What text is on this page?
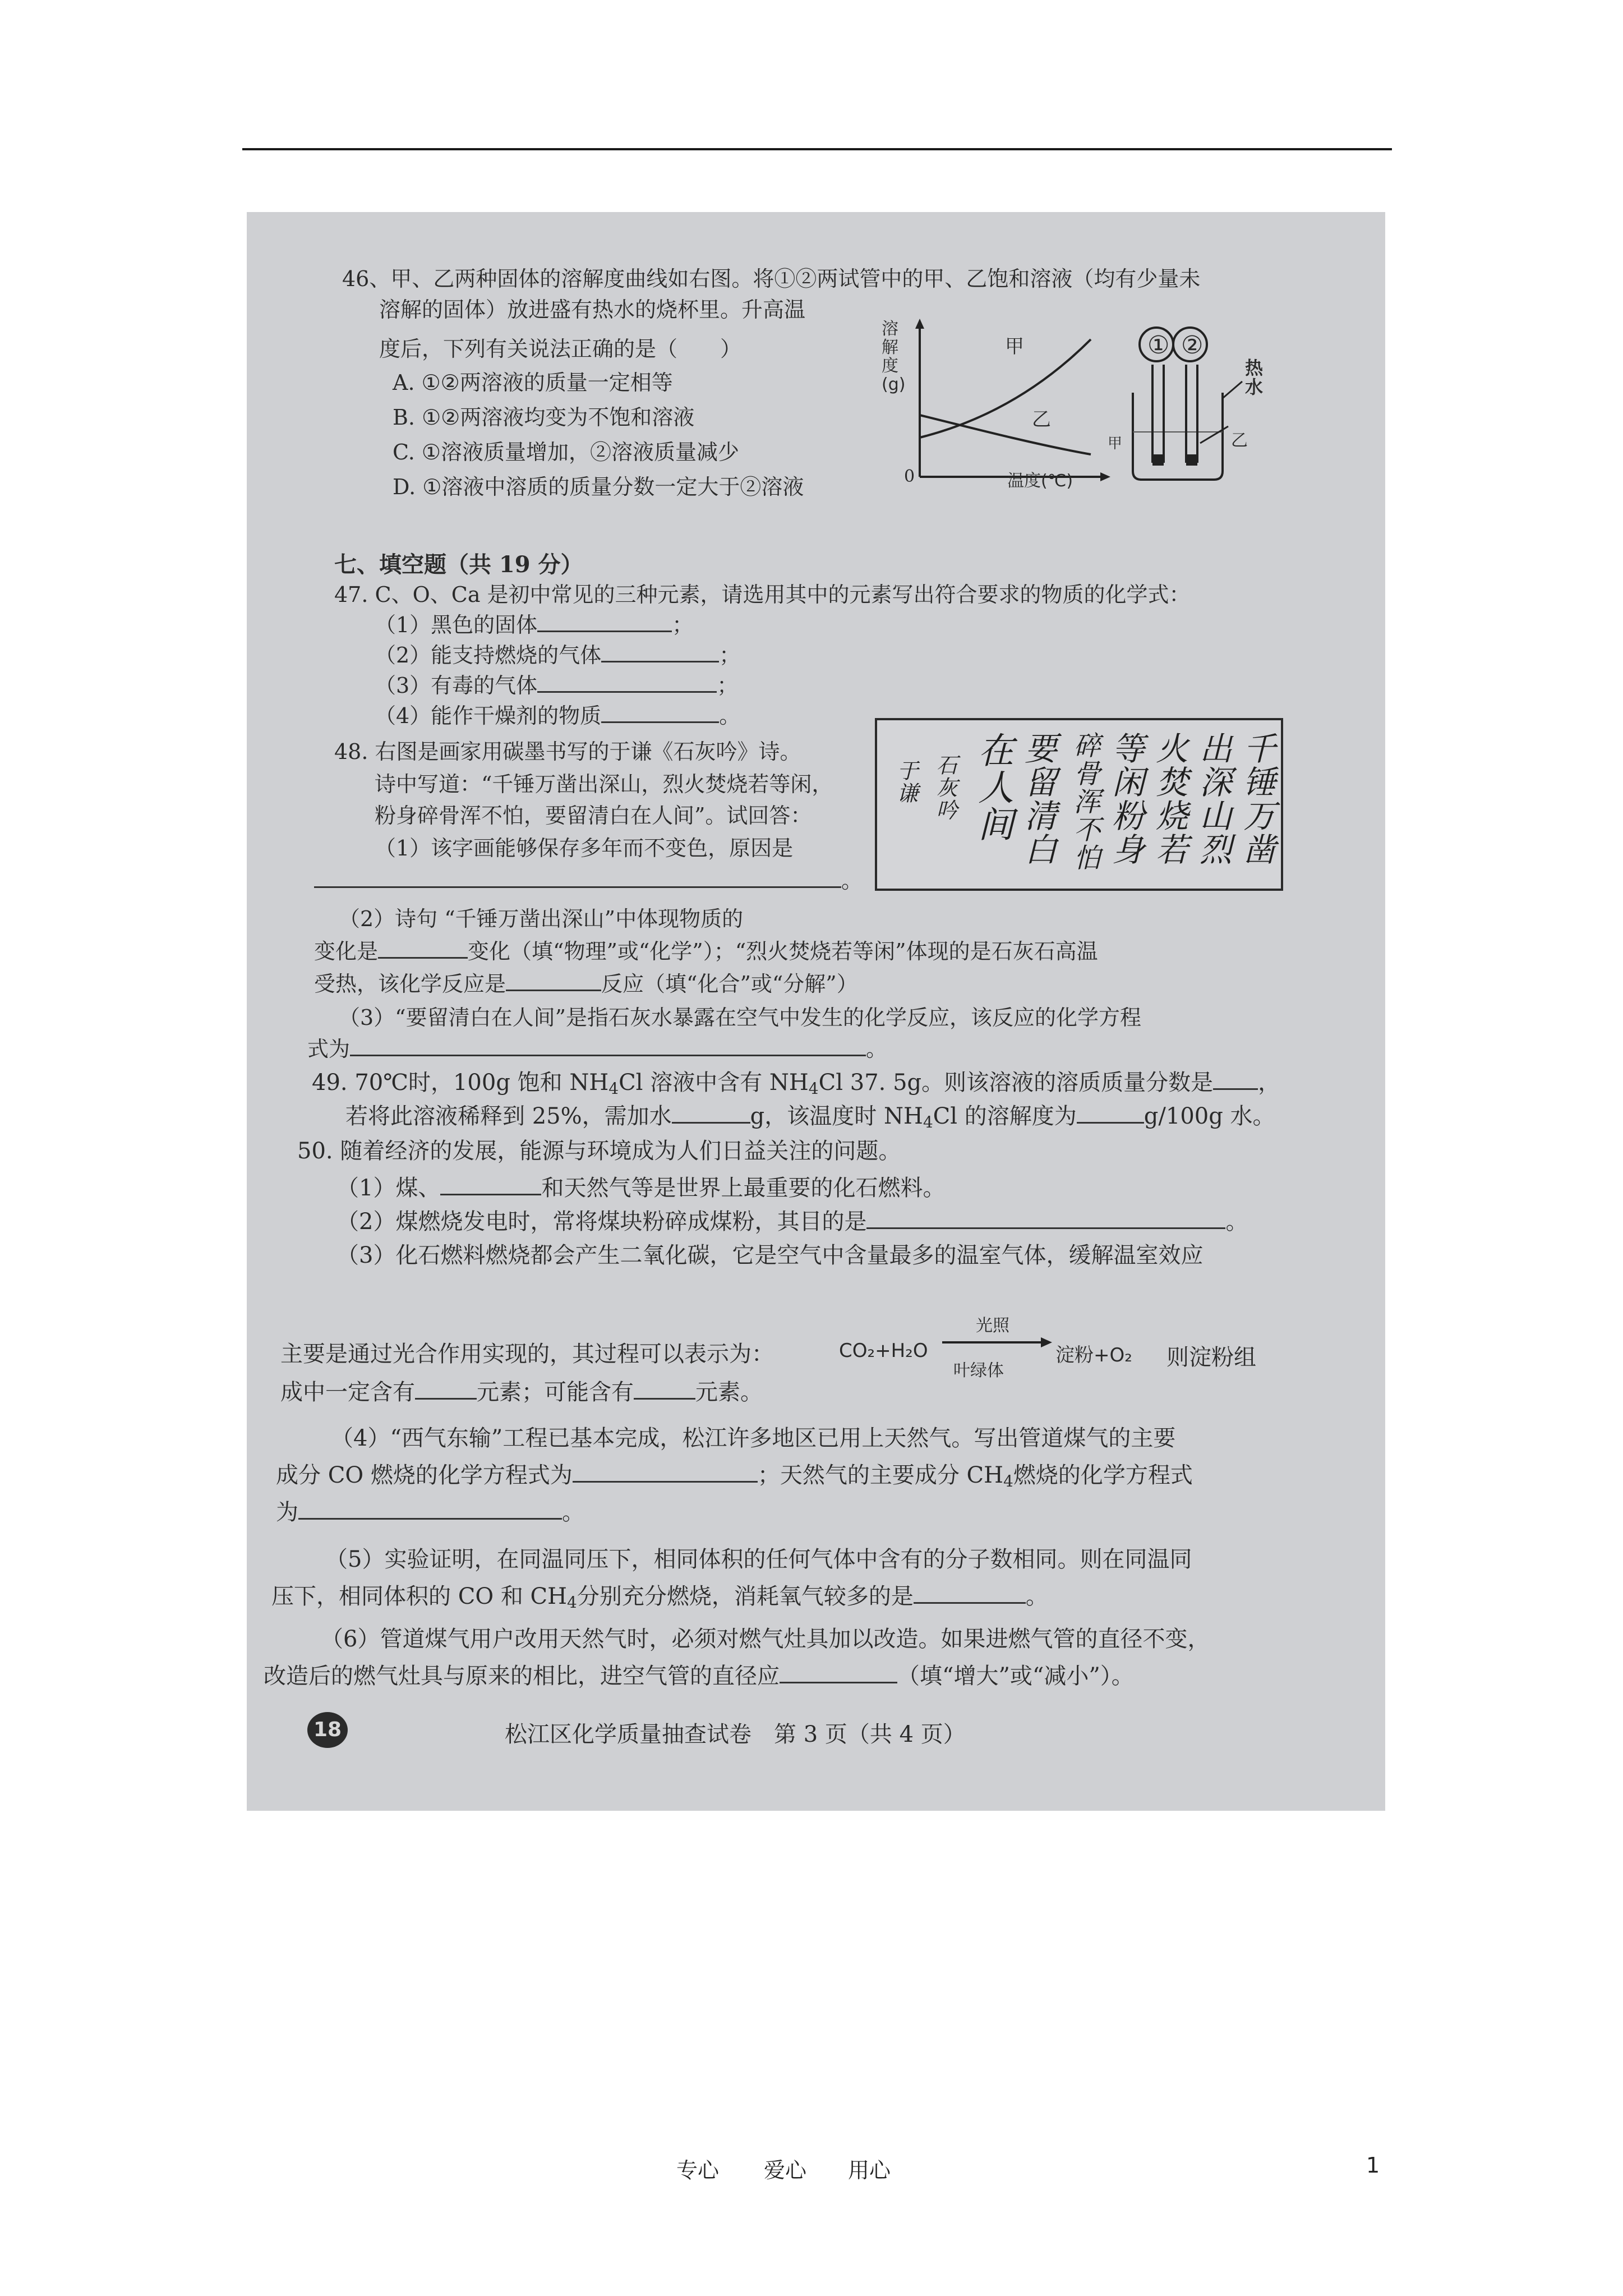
46、甲、乙两种固体的溶解度曲线如右图。将①②两试管中的甲、乙饱和溶液（均有少量未
溶解的固体）放进盛有热水的烧杯里。升高温
度后，下列有关说法正确的是（　　）
A. ①②两溶液的质量一定相等
B. ①②两溶液均变为不饱和溶液
C. ①溶液质量增加，②溶液质量减少
D. ①溶液中溶质的质量分数一定大于②溶液
溶解度(g)
甲
乙
0	温度(℃)
① ②
热水
甲	乙
七、填空题（共 19 分）
47. C、O、Ca 是初中常见的三种元素，请选用其中的元素写出符合要求的物质的化学式：
（1）黑色的固体	；
（2）能支持燃烧的气体	；
（3）有毒的气体	；
（4）能作干燥剂的物质	。
48. 右图是画家用碳墨书写的于谦《石灰吟》诗。
诗中写道：“千锤万凿出深山，烈火焚烧若等闲，
粉身碎骨浑不怕，要留清白在人间”。试回答：
（1）该字画能够保存多年而不变色，原因是
。
千锤万凿
出深山烈
火焚烧若
等闲粉身
碎骨浑不怕
要留清白
在人间
石灰吟
于谦
（2）诗句 “千锤万凿出深山”中体现物质的
变化是	变化（填“物理”或“化学”）；“烈火焚烧若等闲”体现的是石灰石高温
受热，该化学反应是	反应（填“化合”或“分解”）
（3）“要留清白在人间”是指石灰水暴露在空气中发生的化学反应，该反应的化学方程
式为	。
49. 70℃时，100g 饱和 $NH_4Cl$ 溶液中含有 $NH_4Cl$ 37. 5g。则该溶液的溶质质量分数是 ，
若将此溶液稀释到 25%，需加水	g，该温度时 $NH_4Cl$ 的溶解度为	g/100g 水。
50. 随着经济的发展，能源与环境成为人们日益关注的问题。
（1）煤、	和天然气等是世界上最重要的化石燃料。
（2）煤燃烧发电时，常将煤块粉碎成煤粉，其目的是	。
（3）化石燃料燃烧都会产生二氧化碳，它是空气中含量最多的温室气体，缓解温室效应
主要是通过光合作用实现的，其过程可以表示为：	CO₂+H₂O
光照
叶绿体
淀粉+O₂ 则淀粉组
成中一定含有	元素；可能含有	元素。
（4）“西气东输”工程已基本完成，松江许多地区已用上天然气。写出管道煤气的主要
成分 CO 燃烧的化学方程式为	；天然气的主要成分 $CH_4$燃烧的化学方程式
为	。
（5）实验证明，在同温同压下，相同体积的任何气体中含有的分子数相同。则在同温同
压下，相同体积的 CO 和 $CH_4$分别充分燃烧，消耗氧气较多的是	。
（6）管道煤气用户改用天然气时，必须对燃气灶具加以改造。如果进燃气管的直径不变，
改造后的燃气灶具与原来的相比，进空气管的直径应	（填“增大”或“减小”）。
18	松江区化学质量抽查试卷　第 3 页（共 4 页）
专心 爱心 用心	1
